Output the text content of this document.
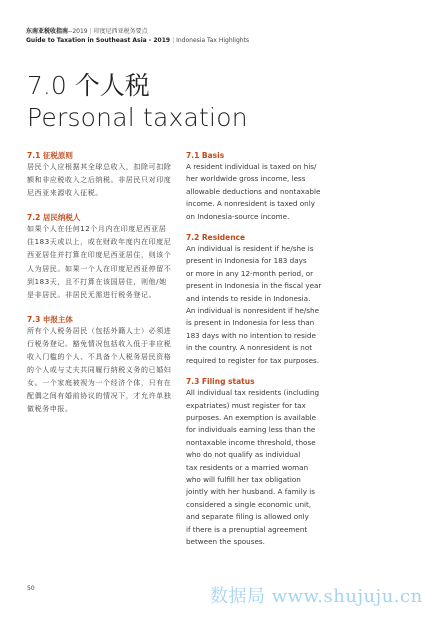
东南亚税收指南--2019 | 印度尼西亚税务要点
Guide to Taxation in Southeast Asia - 2019 | Indonesia Tax Highlights
7.0 个人税
Personal taxation

7.1 征税原则

居民个人应根据其全球总收入，扣除可扣除额和非应税收入之后纳税。非居民只对印度尼西亚来源收入征税。

7.2 居民纳税人

如果个人在任何12个月内在印度尼西亚居住183天或以上，或在财政年度内在印度尼西亚居住并打算在印度尼西亚居住，则该个人为居民。如果一个人在印度尼西亚停留不到183天，且不打算在该国居住，则他/她是非居民。非居民无需进行税务登记。

7.3 申报主体

所有个人税务居民（包括外籍人士）必须进行税务登记。豁免情况包括收入低于非应税收入门槛的个人、不具备个人税务居民资格的个人或与丈夫共同履行纳税义务的已婚妇女。一个家庭被视为一个经济个体，只有在配偶之间有婚前协议的情况下，才允许单独做税务申报。

7.1 Basis

A resident individual is taxed on his/
her worldwide gross income, less
allowable deductions and nontaxable
income. A nonresident is taxed only
on Indonesia-source income.

7.2 Residence

An individual is resident if he/she is
present in Indonesia for 183 days
or more in any 12-month period, or
present in Indonesia in the fiscal year
and intends to reside in Indonesia.
An individual is nonresident if he/she
is present in Indonesia for less than
183 days with no intention to reside
in the country. A nonresident is not
required to register for tax purposes.

7.3 Filing status

All individual tax residents (including
expatriates) must register for tax
purposes. An exemption is available
for individuals earning less than the
nontaxable income threshold, those
who do not qualify as individual
tax residents or a married woman
who will fulfill her tax obligation
jointly with her husband. A family is
considered a single economic unit,
and separate filing is allowed only
if there is a prenuptial agreement
between the spouses.

50	数据局 www.shujuju.cn
